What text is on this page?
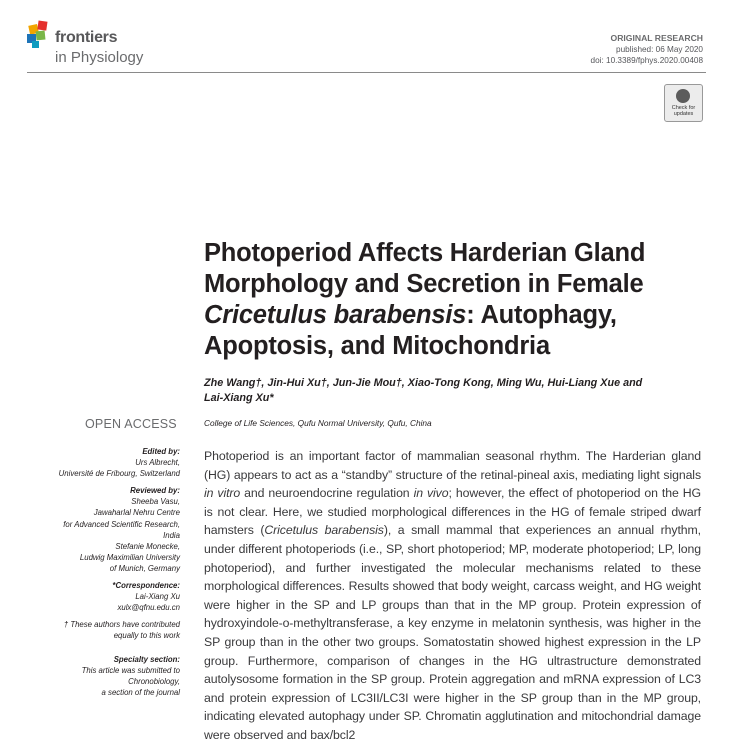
frontiers
in Physiology
ORIGINAL RESEARCH
published: 06 May 2020
doi: 10.3389/fphys.2020.00408
Check for
updates
Photoperiod Affects Harderian Gland
Morphology and Secretion in Female
Cricetulus barabensis: Autophagy,
Apoptosis, and Mitochondria
Zhe Wang†, Jin-Hui Xu†, Jun-Jie Mou†, Xiao-Tong Kong, Ming Wu, Hui-Liang Xue and
Lai-Xiang Xu*
College of Life Sciences, Qufu Normal University, Qufu, China
OPEN ACCESS
Edited by:
Urs Albrecht,
Université de Fribourg, Switzerland
Reviewed by:
Sheeba Vasu,
Jawaharlal Nehru Centre
for Advanced Scientific Research,
India
Stefanie Monecke,
Ludwig Maximilian University
of Munich, Germany
*Correspondence:
Lai-Xiang Xu
xulx@qfnu.edu.cn
† These authors have contributed
equally to this work
Specialty section:
This article was submitted to
Chronobiology,
a section of the journal
Photoperiod is an important factor of mammalian seasonal rhythm. The Harderian gland (HG) appears to act as a “standby” structure of the retinal-pineal axis, mediating light signals in vitro and neuroendocrine regulation in vivo; however, the effect of photoperiod on the HG is not clear. Here, we studied morphological differences in the HG of female striped dwarf hamsters (Cricetulus barabensis), a small mammal that experiences an annual rhythm, under different photoperiods (i.e., SP, short photoperiod; MP, moderate photoperiod; LP, long photoperiod), and further investigated the molecular mechanisms related to these morphological differences. Results showed that body weight, carcass weight, and HG weight were higher in the SP and LP groups than that in the MP group. Protein expression of hydroxyindole-o-methyltransferase, a key enzyme in melatonin synthesis, was higher in the SP group than in the other two groups. Somatostatin showed highest expression in the LP group. Furthermore, comparison of changes in the HG ultrastructure demonstrated autolysosome formation in the SP group. Protein aggregation and mRNA expression of LC3 and protein expression of LC3II/LC3I were higher in the SP group than in the MP group, indicating elevated autophagy under SP. Chromatin agglutination and mitochondrial damage were observed and bax/bcl2
